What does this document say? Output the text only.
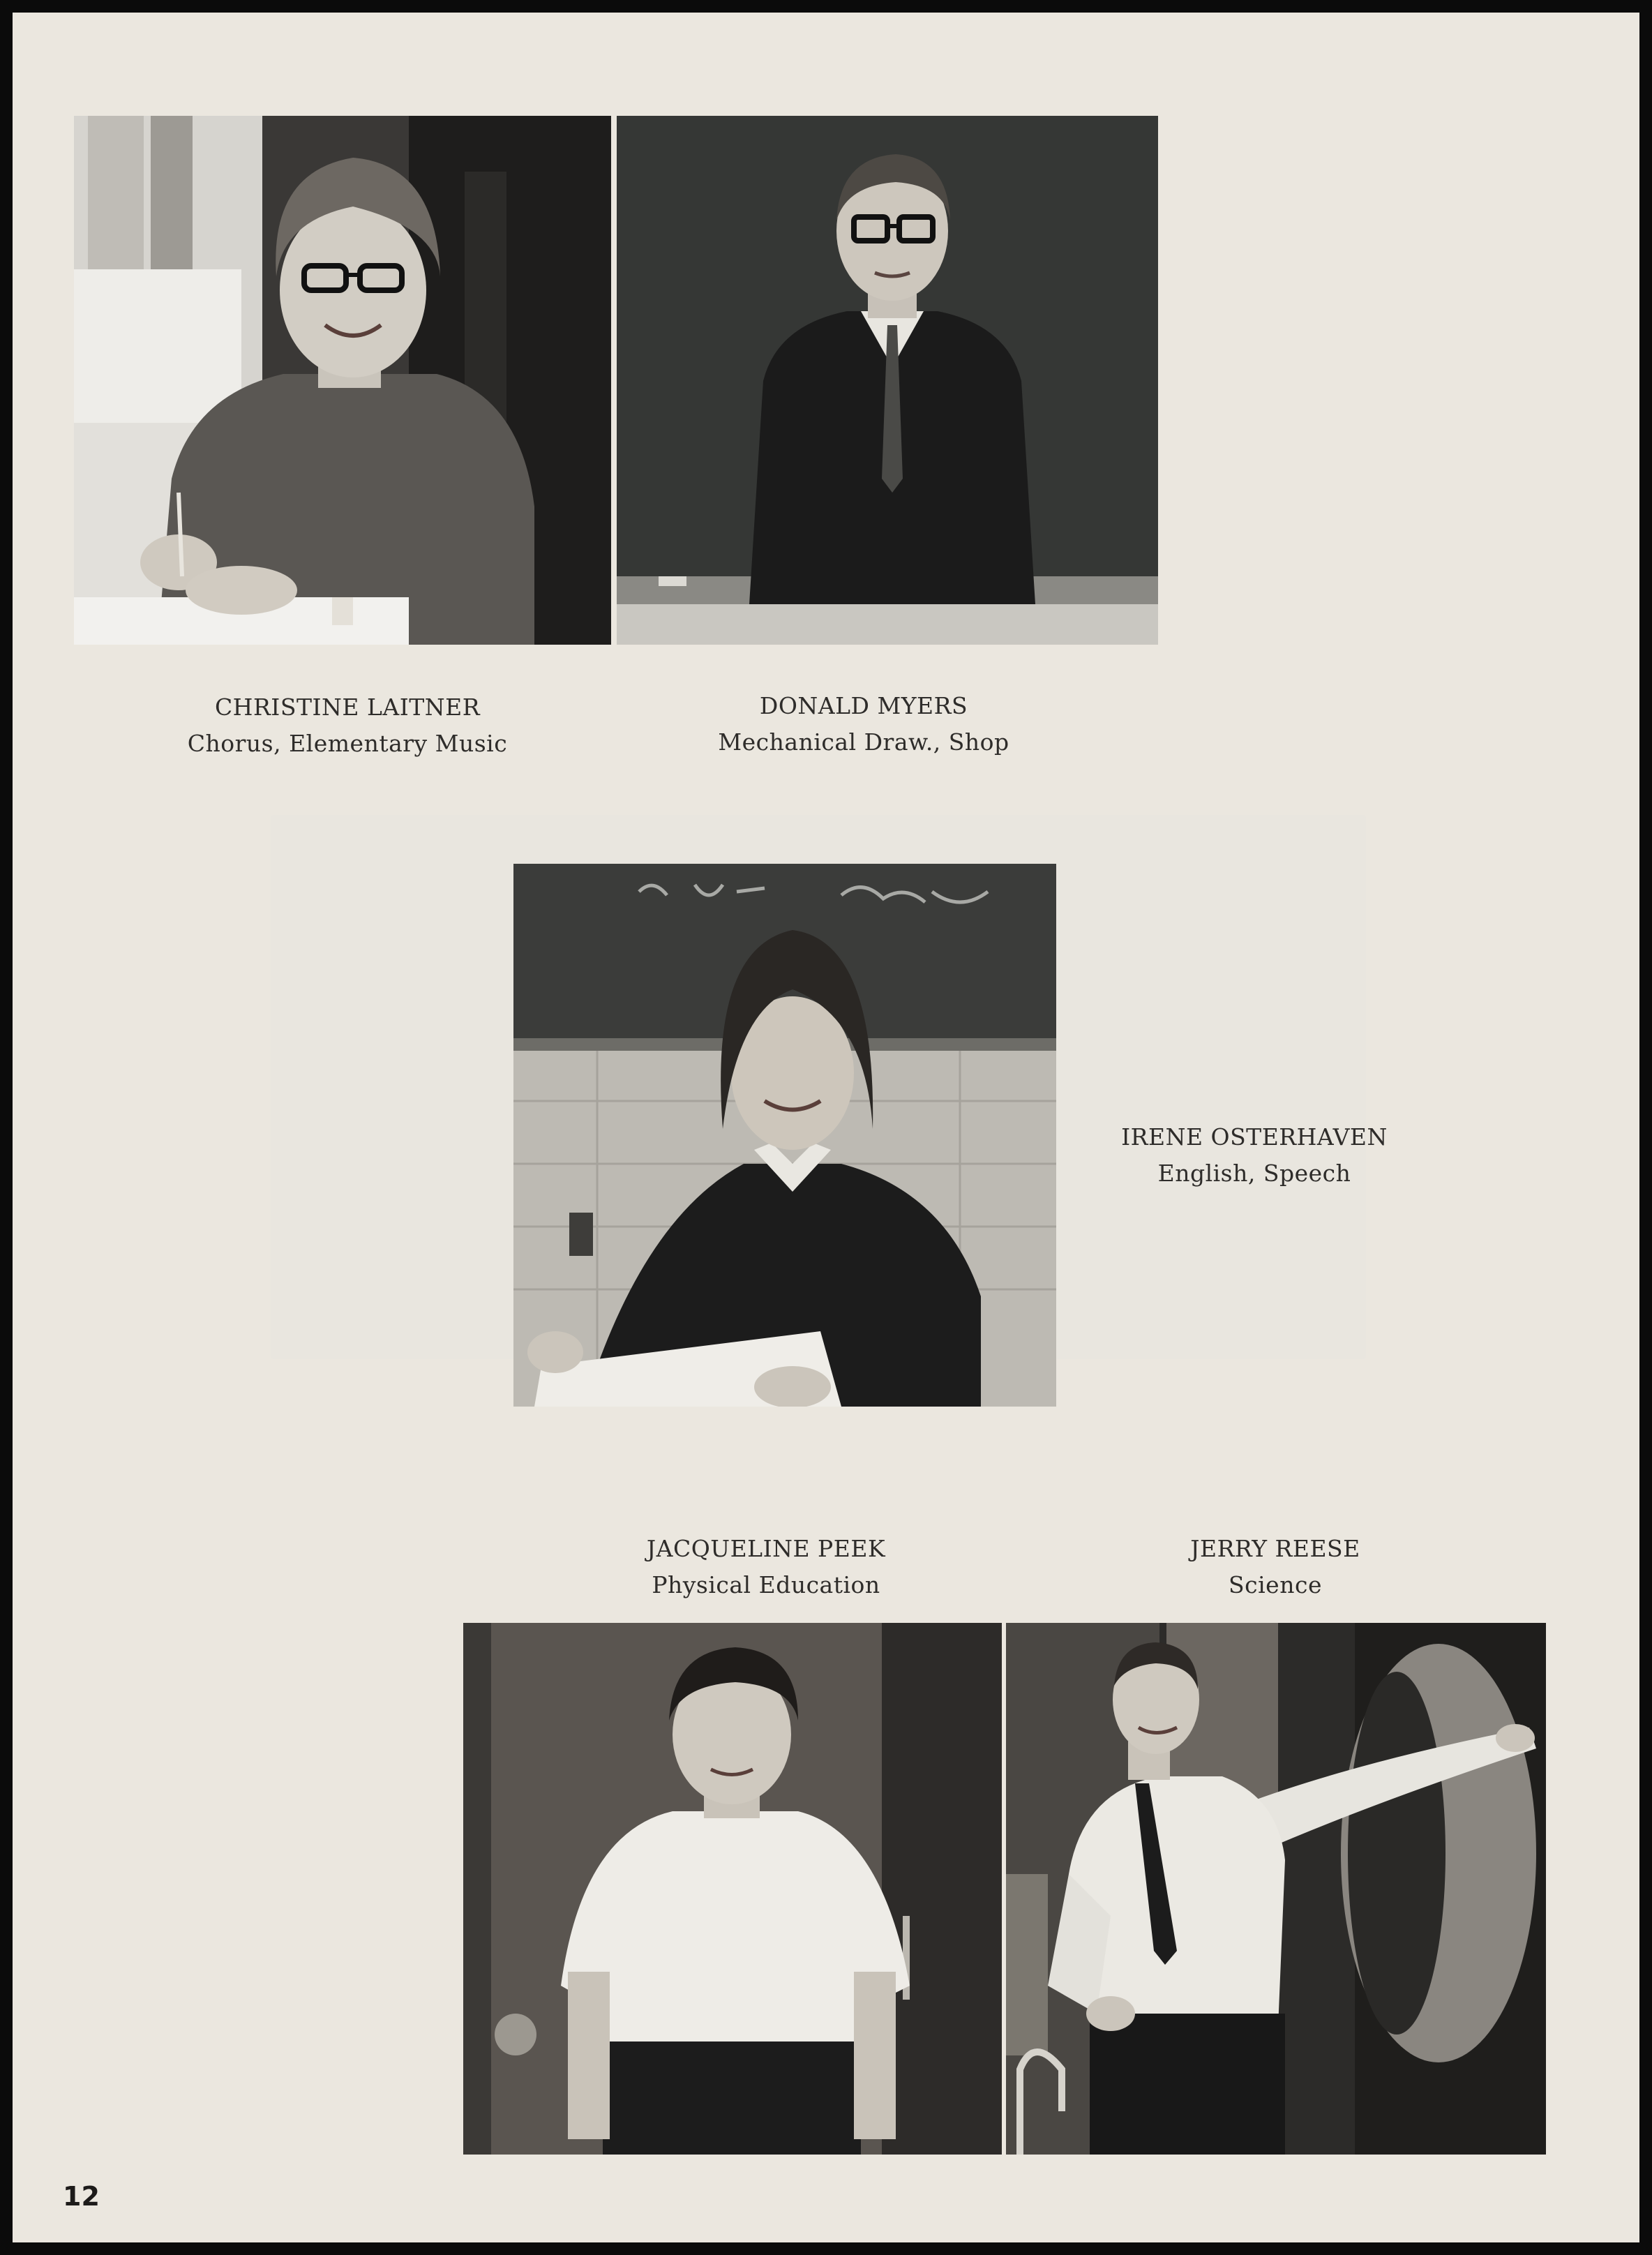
CHRISTINE LAITNER
Chorus, Elementary Music
DONALD MYERS
Mechanical Draw., Shop
IRENE OSTERHAVEN
English, Speech
JACQUELINE PEEK
Physical Education
JERRY REESE
Science
12
